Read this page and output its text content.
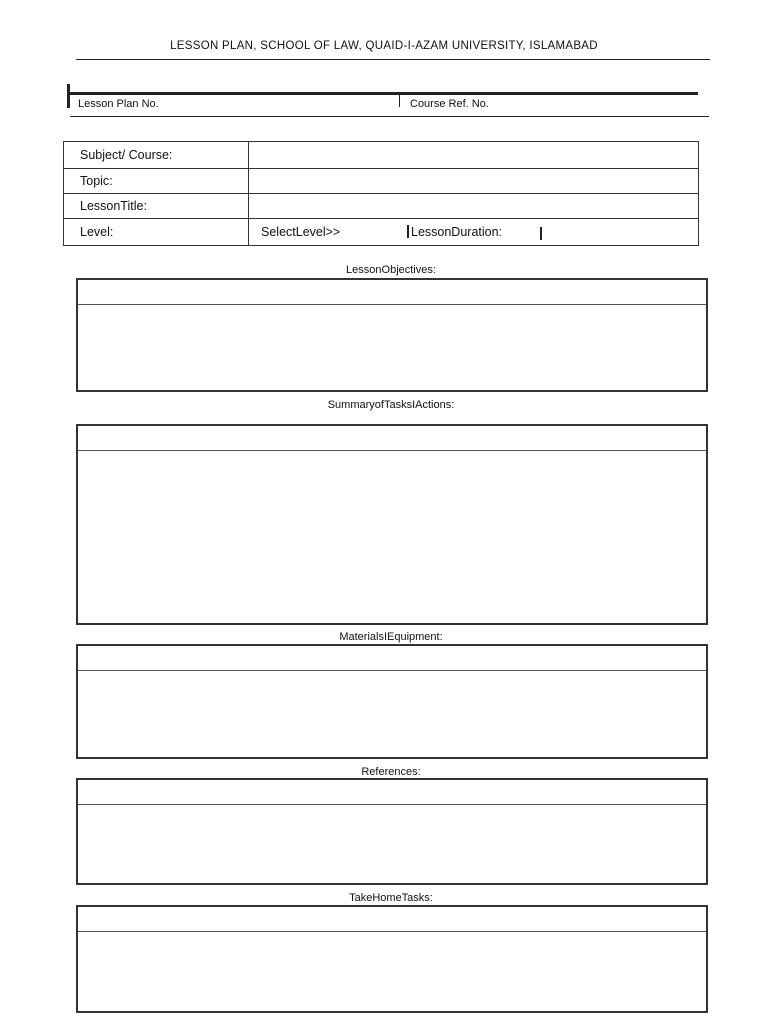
LESSON PLAN, SCHOOL OF LAW, QUAID-I-AZAM UNIVERSITY, ISLAMABAD
Lesson Plan No.	Course Ref. No.
Subject/ Course:	
Topic:	
LessonTitle:	
Level:	SelectLevel>> LessonDuration:
LessonObjectives:
SummaryofTasksIActions:
MaterialsIEquipment:
References:
TakeHomeTasks:
